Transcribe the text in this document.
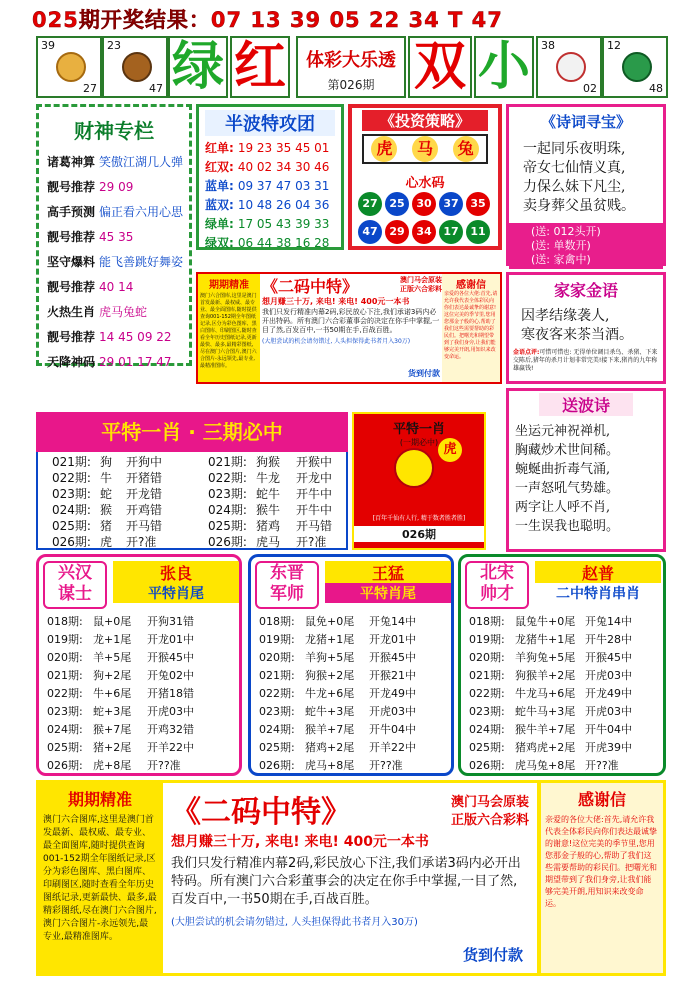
025期开奖结果：07 13 39 05 22 34 T 47
39
27
23
47 绿 红	体彩大乐透
第026期 双 小	38
02
12
48
财神专栏
诸葛神算 笑傲江湖几人弹
靓号推荐 29 09
高手预测 偏正看六用心思
靓号推荐 45 35
坚守爆料 能飞善跳好舞姿
靓号推荐 40 14
火热生肖 虎马兔蛇
靓号推荐 14 45 09 22
天降神码 29 01 17 47
半波特攻团
红单: 19 23 35 45 01
红双: 40 02 34 30 46
蓝单: 09 37 47 03 31
蓝双: 10 48 26 04 36
绿单: 17 05 43 39 33
绿双: 06 44 38 16 28
《投资策略》
虎	马	兔
心水码
27	25	30	37	35
47	29	34	17	11
《诗词寻宝》
一起同乐夜明珠,
帝女七仙情义真,
力保么妹下凡尘,
卖身葬父虽贫贱。
(送: 012头开)
(送: 单数开)
(送: 家禽中)
期期精准
澳门六合图库,这里是澳门首发最新、最权威、最专业、最全面图库,随时提供查询001-152期全年图纸记录,区分为彩色图库、黑白图库、印刷图区,随时查看全年历史图纸记录,更新最快、最多,最精彩图纸,尽在澳门六合图片,澳门六合图片-永远领先,最专业,最精准图库。
《二码中特》	澳门马会原装
正版六合彩料
想月赚三十万, 来电! 来电! 400元一本书
我们只发行精准内幕2码,彩民放心下注,我们承诺3码内必开出特码。所有澳门六合彩董事会的决定在你手中掌握,一目了然,百发百中,一书50期在手,百战百胜。
(大胆尝试的机会请勿错过, 人头担保得此书者月入30万)
货到付款
感谢信
亲爱的各位大佬:首先,请允许我代表全体彩民向你们表达最诚挚的谢意!这位完美的季节里,您用您那金子般的心,帮助了我们这些需要帮助的彩民们。把曙光和期望带到了我们身旁,让我们能够完美开朗,用知识来改变命运。
家家金语
因孝结缘袭人,
寒夜客来茶当酒。
金语点评:可惜可惜也: 无得单位调目杀鸟、杀猪、下来交陈后,猪年的杀月计划非常完美!接下来,猪肖的九年称雄赢钱!
平特一肖 · 三期必中
021期: 狗 开狗中
022期: 牛 开猪错
023期: 蛇 开龙错
024期: 猴 开鸡错
025期: 猪 开马错
026期: 虎 开?准
021期: 狗猴 开猴中
022期: 牛龙 开龙中
023期: 蛇牛 开牛中
024期: 猴牛 开牛中
025期: 猪鸡 开马错
026期: 虎马 开?准
平特一肖
(一期必中) 虎
[百年千仙有人行, 精于数者胜者胜]
026期
送波诗
坐运元神祝禅机,
胸藏炒术世间稀。
蜿蜒曲折毒气涌,
一声怒吼气势雄。
两字让人呼不肖,
一生误我也聪明。
兴汉
谋士
张良
平特肖尾
018期: 鼠+0尾 开狗31错
019期: 龙+1尾 开龙01中
020期: 羊+5尾 开猴45中
021期: 狗+2尾 开兔02中
022期: 牛+6尾 开猪18错
023期: 蛇+3尾 开虎03中
024期: 猴+7尾 开鸡32错
025期: 猪+2尾 开羊22中
026期: 虎+8尾 开??准
东晋
军师
王猛
平特肖尾
018期: 鼠免+0尾 开兔14中
019期: 龙猪+1尾 开龙01中
020期: 羊狗+5尾 开猴45中
021期: 狗猴+2尾 开猴21中
022期: 牛龙+6尾 开龙49中
023期: 蛇牛+3尾 开虎03中
024期: 猴羊+7尾 开牛04中
025期: 猪鸡+2尾 开羊22中
026期: 虎马+8尾 开??准
北宋
帅才
赵普
二中特肖串肖
018期: 鼠兔牛+0尾 开兔14中
019期: 龙猪牛+1尾 开牛28中
020期: 羊狗兔+5尾 开猴45中
021期: 狗猴羊+2尾 开虎03中
022期: 牛龙马+6尾 开龙49中
023期: 蛇牛马+3尾 开虎03中
024期: 猴牛羊+7尾 开牛04中
025期: 猪鸡虎+2尾 开虎39中
026期: 虎马兔+8尾 开??准
期期精准
澳门六合图库,这里是澳门首发最新、最权威、最专业、最全面图库,随时提供查询001-152期全年图纸记录,区分为彩色图库、黑白图库、印刷图区,随时查看全年历史图纸记录,更新最快、最多,最精彩图纸,尽在澳门六合图片,澳门六合图片-永远领先,最专业,最精准图库。
《二码中特》	澳门马会原装
正版六合彩料
想月赚三十万, 来电! 来电! 400元一本书
我们只发行精准内幕2码,彩民放心下注,我们承诺3码内必开出特码。所有澳门六合彩董事会的决定在你手中掌握,一目了然,百发百中,一书50期在手,百战百胜。
(大胆尝试的机会请勿错过, 人头担保得此书者月入30万)
货到付款
感谢信
亲爱的各位大佬:首先,请允许我代表全体彩民向你们表达最诚挚的谢意!这位完美的季节里,您用您那金子般的心,帮助了我们这些需要帮助的彩民们。把曙光和期望带到了我们身旁,让我们能够完美开朗,用知识来改变命运。
